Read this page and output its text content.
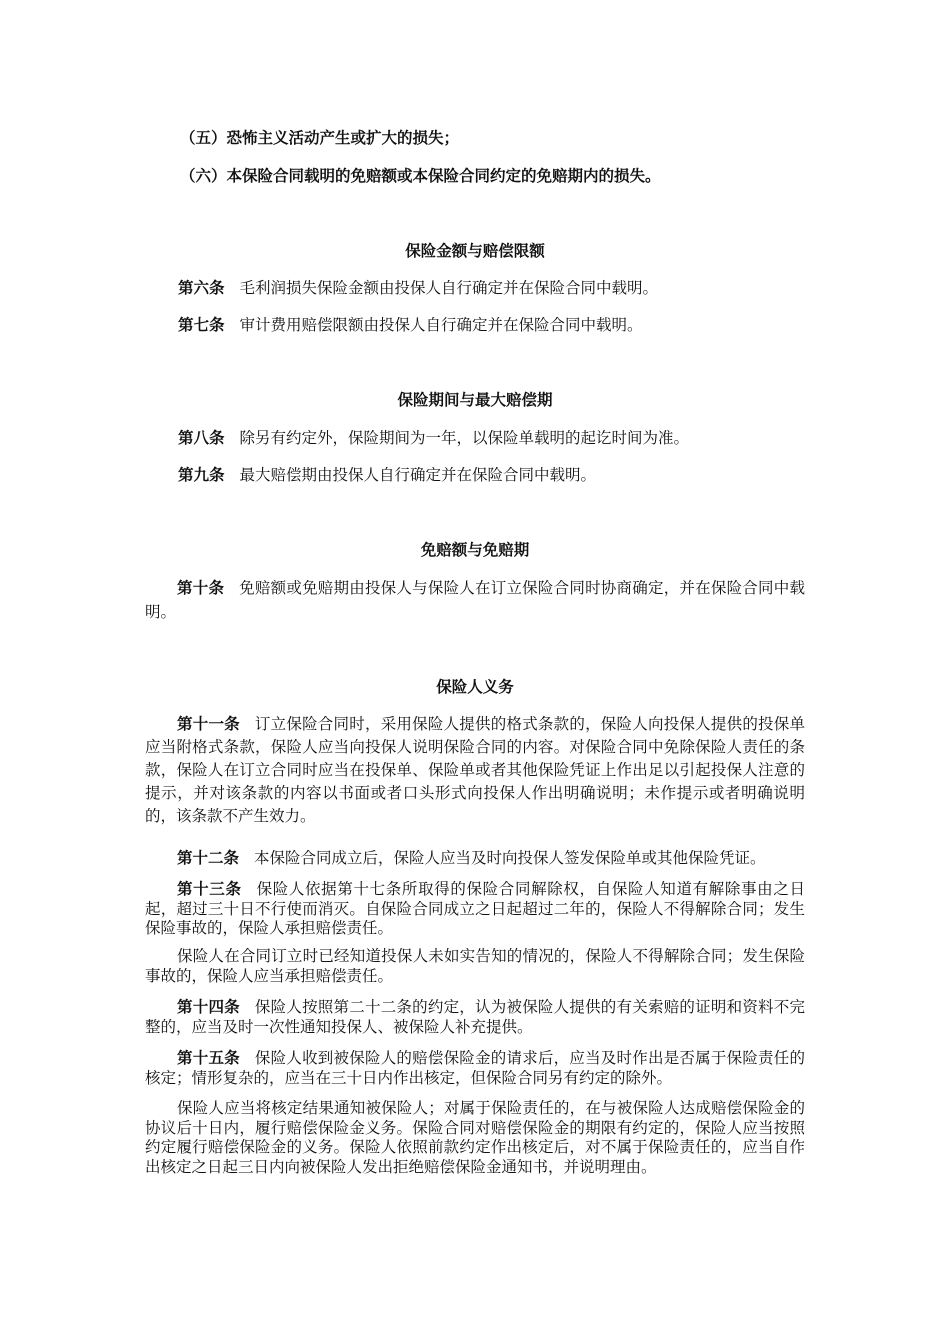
（五）恐怖主义活动产生或扩大的损失；
（六）本保险合同载明的免赔额或本保险合同约定的免赔期内的损失。
保险金额与赔偿限额
第六条 毛利润损失保险金额由投保人自行确定并在保险合同中载明。
第七条 审计费用赔偿限额由投保人自行确定并在保险合同中载明。
保险期间与最大赔偿期
第八条 除另有约定外，保险期间为一年，以保险单载明的起讫时间为准。
第九条 最大赔偿期由投保人自行确定并在保险合同中载明。
免赔额与免赔期
第十条 免赔额或免赔期由投保人与保险人在订立保险合同时协商确定，并在保险合同中载明。
保险人义务
第十一条 订立保险合同时，采用保险人提供的格式条款的，保险人向投保人提供的投保单应当附格式条款，保险人应当向投保人说明保险合同的内容。对保险合同中免除保险人责任的条款，保险人在订立合同时应当在投保单、保险单或者其他保险凭证上作出足以引起投保人注意的提示，并对该条款的内容以书面或者口头形式向投保人作出明确说明；未作提示或者明确说明的，该条款不产生效力。
第十二条 本保险合同成立后，保险人应当及时向投保人签发保险单或其他保险凭证。
第十三条 保险人依据第十七条所取得的保险合同解除权，自保险人知道有解除事由之日起，超过三十日不行使而消灭。自保险合同成立之日起超过二年的，保险人不得解除合同；发生保险事故的，保险人承担赔偿责任。
保险人在合同订立时已经知道投保人未如实告知的情况的，保险人不得解除合同；发生保险事故的，保险人应当承担赔偿责任。
第十四条 保险人按照第二十二条的约定，认为被保险人提供的有关索赔的证明和资料不完整的，应当及时一次性通知投保人、被保险人补充提供。
第十五条 保险人收到被保险人的赔偿保险金的请求后，应当及时作出是否属于保险责任的核定；情形复杂的，应当在三十日内作出核定，但保险合同另有约定的除外。
保险人应当将核定结果通知被保险人；对属于保险责任的，在与被保险人达成赔偿保险金的协议后十日内，履行赔偿保险金义务。保险合同对赔偿保险金的期限有约定的，保险人应当按照约定履行赔偿保险金的义务。保险人依照前款约定作出核定后，对不属于保险责任的，应当自作出核定之日起三日内向被保险人发出拒绝赔偿保险金通知书，并说明理由。
